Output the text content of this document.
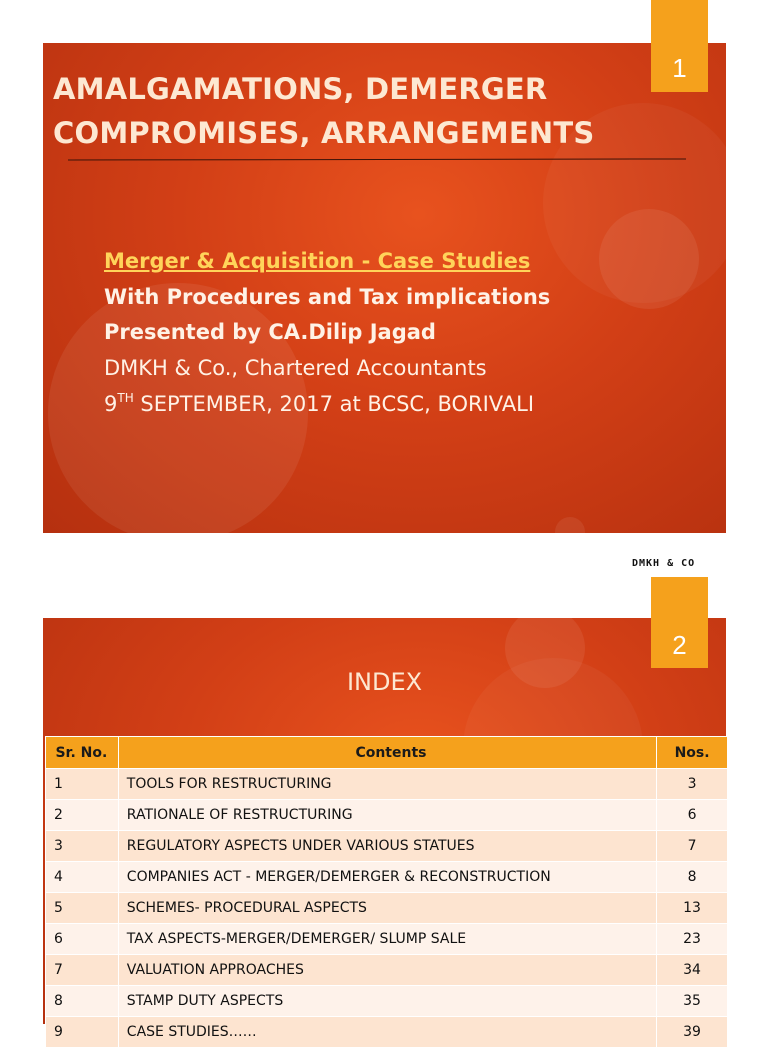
AMALGAMATIONS, DEMERGER
COMPROMISES, ARRANGEMENTS
Merger & Acquisition - Case Studies
With Procedures and Tax implications
Presented by CA.Dilip Jagad
DMKH & Co., Chartered Accountants
9TH SEPTEMBER, 2017 at BCSC, BORIVALI
1
DMKH & CO
INDEX
2
Sr. No.	Contents	Nos.
1	TOOLS FOR RESTRUCTURING	3
2	RATIONALE OF RESTRUCTURING	6
3	REGULATORY ASPECTS UNDER VARIOUS STATUES	7
4	COMPANIES ACT - MERGER/DEMERGER & RECONSTRUCTION	8
5	SCHEMES- PROCEDURAL ASPECTS	13
6	TAX ASPECTS-MERGER/DEMERGER/ SLUMP SALE	23
7	VALUATION APPROACHES	34
8	STAMP DUTY ASPECTS	35
9	CASE STUDIES……	39
